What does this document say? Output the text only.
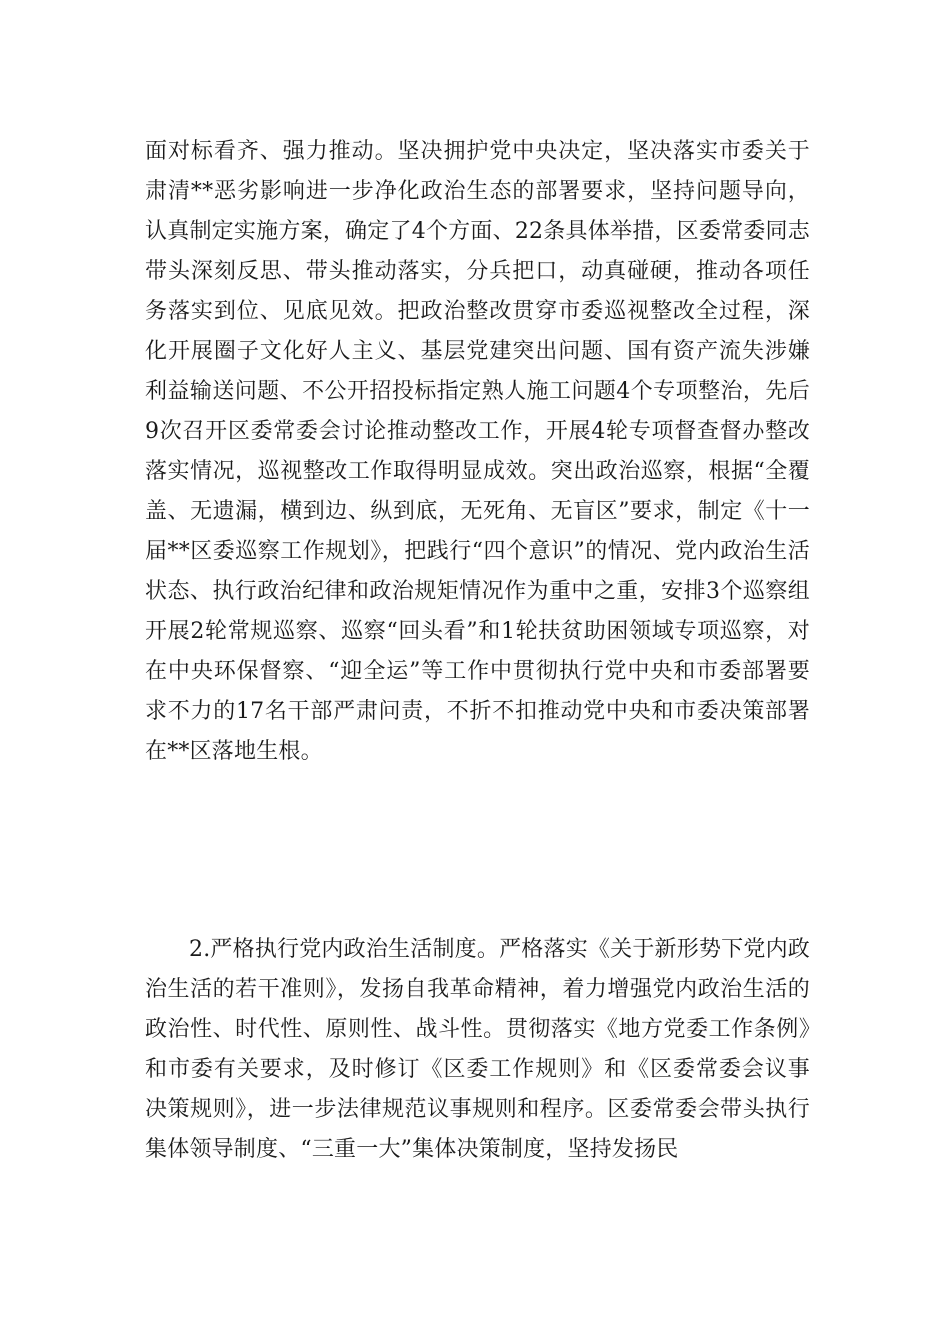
面对标看齐、强力推动。坚决拥护党中央决定，坚决落实市委关于肃清**恶劣影响进一步净化政治生态的部署要求，坚持问题导向，认真制定实施方案，确定了4个方面、22条具体举措，区委常委同志带头深刻反思、带头推动落实，分兵把口，动真碰硬，推动各项任务落实到位、见底见效。把政治整改贯穿市委巡视整改全过程，深化开展圈子文化好人主义、基层党建突出问题、国有资产流失涉嫌利益输送问题、不公开招投标指定熟人施工问题4个专项整治，先后9次召开区委常委会讨论推动整改工作，开展4轮专项督查督办整改落实情况，巡视整改工作取得明显成效。突出政治巡察，根据“全覆盖、无遗漏，横到边、纵到底，无死角、无盲区”要求，制定《十一届**区委巡察工作规划》，把践行“四个意识”的情况、党内政治生活状态、执行政治纪律和政治规矩情况作为重中之重，安排3个巡察组开展2轮常规巡察、巡察“回头看”和1轮扶贫助困领域专项巡察，对在中央环保督察、“迎全运”等工作中贯彻执行党中央和市委部署要求不力的17名干部严肃问责，不折不扣推动党中央和市委决策部署在**区落地生根。

2.严格执行党内政治生活制度。严格落实《关于新形势下党内政治生活的若干准则》，发扬自我革命精神，着力增强党内政治生活的政治性、时代性、原则性、战斗性。贯彻落实《地方党委工作条例》和市委有关要求，及时修订《区委工作规则》和《区委常委会议事决策规则》，进一步法律规范议事规则和程序。区委常委会带头执行集体领导制度、“三重一大”集体决策制度，坚持发扬民
